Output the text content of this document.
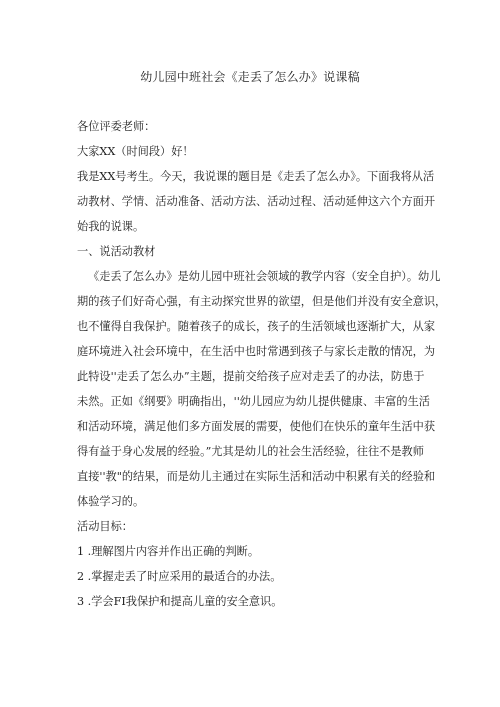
幼儿园中班社会《走丢了怎么办》说课稿

各位评委老师：

大家XX（时间段）好！

我是XX号考生。今天，我说课的题目是《走丢了怎么办》。下面我将从活
动教材、学情、活动准备、活动方法、活动过程、活动延伸这六个方面开
始我的说课。

一、说活动教材

《走丢了怎么办》是幼儿园中班社会领域的教学内容（安全自护）。幼儿
期的孩子们好奇心强，有主动探究世界的欲望，但是他们并没有安全意识，
也不懂得自我保护。随着孩子的成长，孩子的生活领域也逐渐扩大，从家
庭环境进入社会环境中，在生活中也时常遇到孩子与家长走散的情况，为
此特设''走丢了怎么办”主题，提前交给孩子应对走丢了的办法，防患于
未然。正如《纲要》明确指出，''幼儿园应为幼儿提供健康、丰富的生活
和活动环境，满足他们多方面发展的需要，使他们在快乐的童年生活中获
得有益于身心发展的经验。”尤其是幼儿的社会生活经验，往往不是教师
直接''教"的结果，而是幼儿主通过在实际生活和活动中积累有关的经验和
体验学习的。

活动目标：

1 .理解图片内容并作出正确的判断。

2 .掌握走丢了时应采用的最适合的办法。

3 .学会FI我保护和提高儿童的安全意识。
